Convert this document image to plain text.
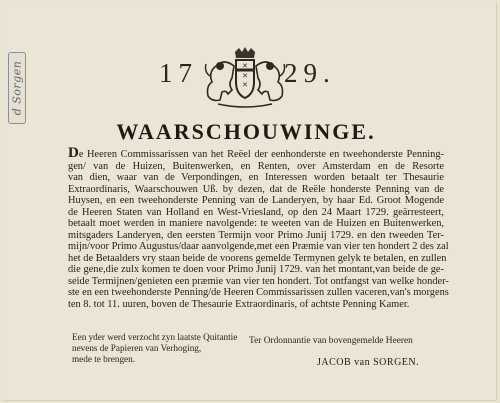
d Sorgen	17	✕
✕
✕ 29.
WAARSCHOUWINGE.
De Heeren Commissarissen van het Reëel der eenhonderste en tweehonderste Penning-
gen/ van de Huizen, Buitenwerken, en Renten, over Amsterdam en de Resorte
van dien, waar van de Verpondingen, en Interessen worden betaalt ter Thesaurie
Extraordinaris, Waarschouwen Uß. by dezen, dat de Reële honderste Penning van de
Huysen, en een tweehonderste Penning van de Landeryen, by haar Ed. Groot Mogende
de Heeren Staten van Holland en West-Vriesland, op den 24 Maart 1729. geärresteert,
betaalt moet werden in maniere navolgende: te weeten van de Huizen en Buitenwerken,
mitsgaders Landeryen, den eersten Termijn voor Primo Junij 1729. en den tweeden Ter-
mijn/voor Primo Augustus/daar aanvolgende,met een Præmie van vier ten hondert 2 des zal
het de Betaalders vry staan beide de voorens gemelde Termynen gelyk te betalen, en zullen
die gene,die zulx komen te doen voor Primo Junij 1729. van het montant,van beide de ge-
seide Termijnen/genieten een præmie van vier ten hondert. Tot ontfangst van welke honder-
ste en een tweehonderste Penning/de Heeren Commissarissen zullen vaceren,van's morgens
ten 8. tot 11. uuren, boven de Thesaurie Extraordinaris, of achtste Penning Kamer.
Een yder werd verzocht zyn laatste Quitantie
nevens de Papieren van Verhoging,
mede te brengen.
Ter Ordonnantie van bovengemelde Heeren
JACOB van SORGEN.
